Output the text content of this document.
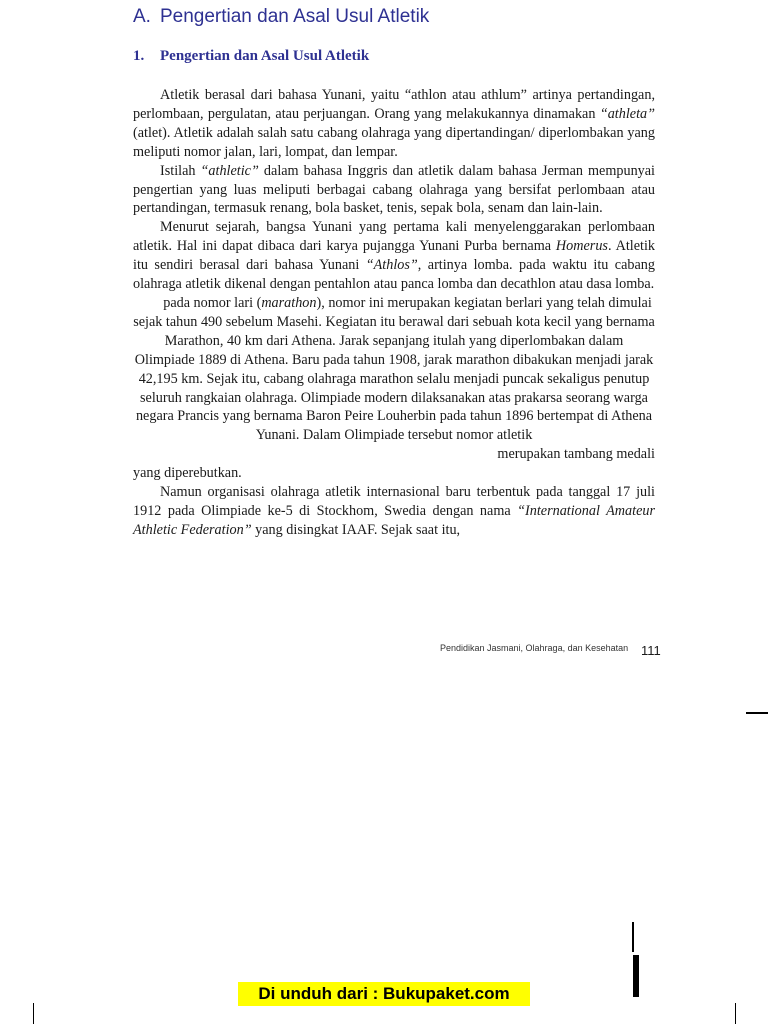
A. Pengertian dan Asal Usul Atletik
1. Pengertian dan Asal Usul Atletik

Atletik berasal dari bahasa Yunani, yaitu “athlon atau athlum” artinya pertandingan, perlombaan, pergulatan, atau perjuangan. Orang yang melakukannya dinamakan “athleta” (atlet). Atletik adalah salah satu cabang olahraga yang dipertandingan/ diperlombakan yang meliputi nomor jalan, lari, lompat, dan lempar.

Istilah “athletic” dalam bahasa Inggris dan atletik dalam bahasa Jerman mempunyai pengertian yang luas meliputi berbagai cabang olahraga yang bersifat perlombaan atau pertandingan, termasuk renang, bola basket, tenis, sepak bola, senam dan lain-lain.

Menurut sejarah, bangsa Yunani yang pertama kali menyelenggarakan perlombaan atletik. Hal ini dapat dibaca dari karya pujangga Yunani Purba bernama Homerus. Atletik itu sendiri berasal dari bahasa Yunani “Athlos”, artinya lomba. pada waktu itu cabang olahraga atletik dikenal dengan pentahlon atau panca lomba dan decathlon atau dasa lomba.

pada nomor lari (marathon), nomor ini merupakan kegiatan berlari yang telah dimulai sejak tahun 490 sebelum Masehi. Kegiatan itu berawal dari sebuah kota kecil yang bernama Marathon, 40 km dari Athena. Jarak sepanjang itulah yang diperlombakan dalam Olimpiade 1889 di Athena. Baru pada tahun 1908, jarak marathon dibakukan menjadi jarak 42,195 km. Sejak itu, cabang olahraga marathon selalu menjadi puncak sekaligus penutup seluruh rangkaian olahraga. Olimpiade modern dilaksanakan atas prakarsa seorang warga negara Prancis yang bernama Baron Peire Louherbin pada tahun 1896 bertempat di Athena Yunani. Dalam Olimpiade tersebut nomor atletik
merupakan tambang medali

yang diperebutkan.

Namun organisasi olahraga atletik internasional baru terbentuk pada tanggal 17 juli 1912 pada Olimpiade ke-5 di Stockhom, Swedia dengan nama “International Amateur Athletic Federation” yang disingkat IAAF. Sejak saat itu,

Pendidikan Jasmani, Olahraga, dan Kesehatan 111
Di unduh dari : Bukupaket.com
